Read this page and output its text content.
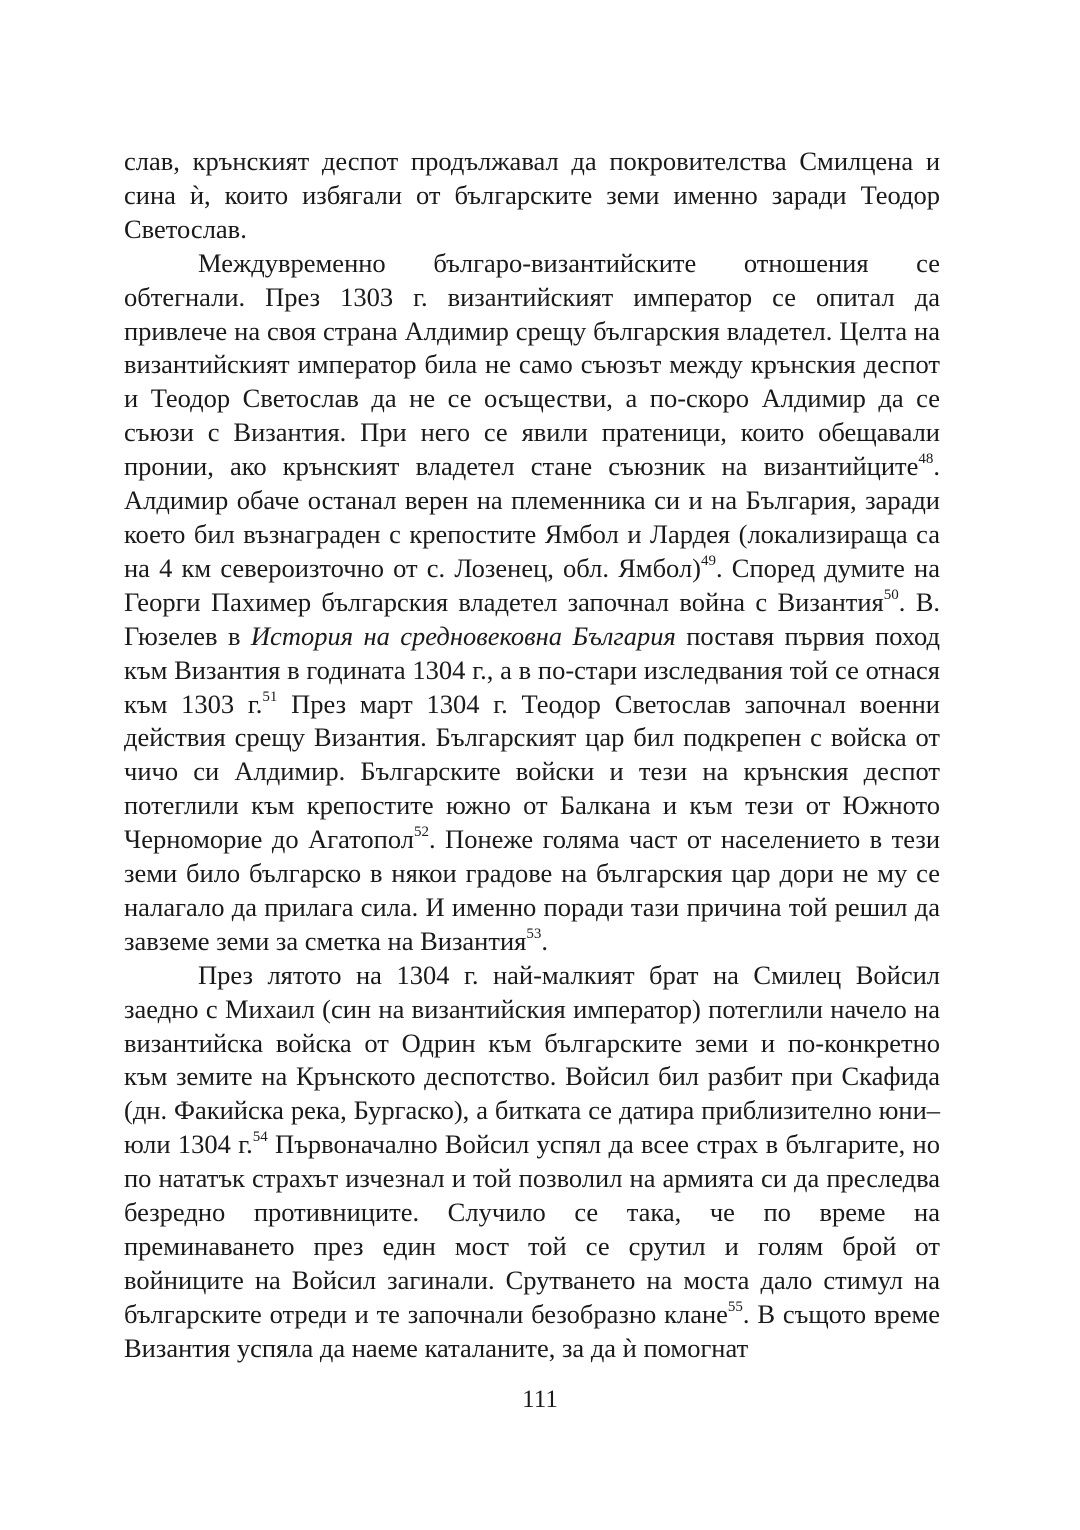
слав, крънският деспот продължавал да покровителства Смилцена и сина ѝ, които избягали от българските земи именно заради Теодор Светослав.

Междувременно българо-византийските отношения се обтегнали. През 1303 г. византийският император се опитал да привлече на своя страна Алдимир срещу българския владетел. Целта на византийският император била не само съюзът между крънския деспот и Теодор Светослав да не се осъществи, а по-скоро Алдимир да се съюзи с Византия. При него се явили пратеници, които обещавали пронии, ако крънският владетел стане съюзник на византийците$^{48}$. Алдимир обаче останал верен на племенника си и на България, заради което бил възнаграден с крепостите Ямбол и Лардея (локализираща са на 4 км североизточно от с. Лозенец, обл. Ямбол)$^{49}$. Според думите на Георги Пахимер българския владетел започнал война с Византия$^{50}$. В. Гюзелев в История на средновековна България поставя първия поход към Византия в годината 1304 г., а в по-стари изследвания той се отнася към 1303 г.$^{51}$ През март 1304 г. Теодор Светослав започнал военни действия срещу Византия. Българският цар бил подкрепен с войска от чичо си Алдимир. Българските войски и тези на крънския деспот потеглили към крепостите южно от Балкана и към тези от Южното Черноморие до Агатопол$^{52}$. Понеже голяма част от населението в тези земи било българско в някои градове на българския цар дори не му се налагало да прилага сила. И именно поради тази причина той решил да завземе земи за сметка на Византия$^{53}$.

През лятото на 1304 г. най-малкият брат на Смилец Войсил заедно с Михаил (син на византийския император) потеглили начело на византийска войска от Одрин към българските земи и по-конкретно към земите на Крънското деспотство. Войсил бил разбит при Скафида (дн. Факийска река, Бургаско), а битката се датира приблизително юни–юли 1304 г.$^{54}$ Първоначално Войсил успял да всее страх в българите, но по нататък страхът изчезнал и той позволил на армията си да преследва безредно противниците. Случило се така, че по време на преминаването през един мост той се срутил и голям брой от войниците на Войсил загинали. Срутването на моста дало стимул на българските отреди и те започнали безобразно клане$^{55}$. В същото време Византия успяла да наеме каталаните, за да ѝ помогнат

111
